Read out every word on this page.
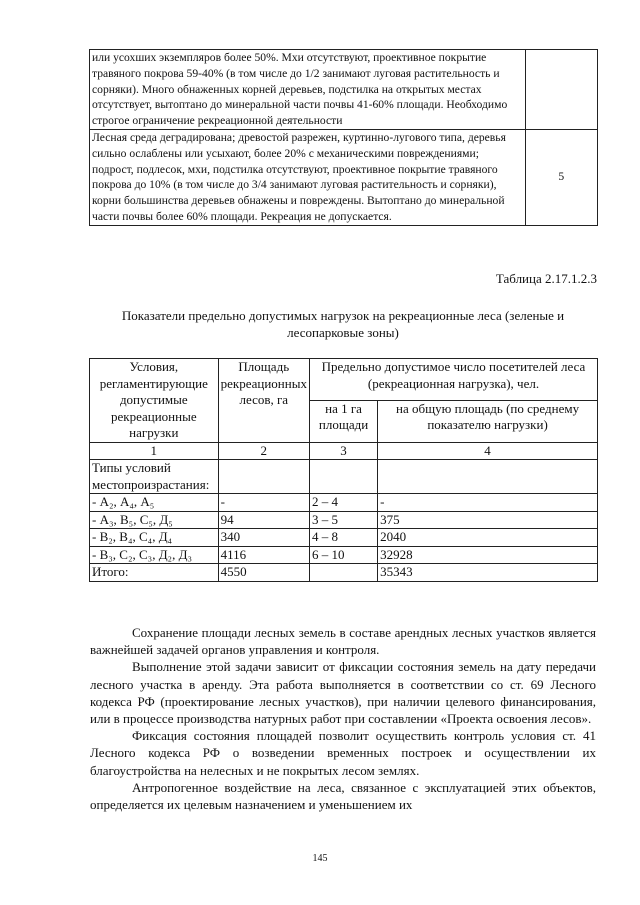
или усохших экземпляров более 50%. Мхи отсутствуют, проективное покрытие травяного покрова 59-40% (в том числе до 1/2 занимают луговая растительность и сорняки). Много обнаженных корней деревьев, подстилка на открытых местах отсутствует, вытоптано до минеральной части почвы 41-60% площади. Необходимо строгое ограничение рекреационной деятельности	
Лесная среда деградирована; древостой разрежен, куртинно-лугового типа, деревья сильно ослаблены или усыхают, более 20% с механическими повреждениями; подрост, подлесок, мхи, подстилка отсутствуют, проективное покрытие травяного покрова до 10% (в том числе до 3/4 занимают луговая растительность и сорняки), корни большинства деревьев обнажены и повреждены. Вытоптано до минеральной части почвы более 60% площади. Рекреация не допускается.	5
Таблица 2.17.1.2.3
Показатели предельно допустимых нагрузок на рекреационные леса (зеленые и лесопарковые зоны)
Условия, регламентирующие допустимые рекреационные нагрузки	Площадь рекреационных лесов, га	Предельно допустимое число посетителей леса (рекреационная нагрузка), чел.	
		на 1 га площади	на общую площадь (по среднему показателю нагрузки)
1	2	3	4
Типы условий местопроизрастания:			
- А₂, А₄, А₅	-	2 – 4	-
- А₃, В₅, С₅, Д₅	94	3 – 5	375
- В₂, В₄, С₄, Д₄	340	4 – 8	2040
- В₃, С₂, С₃, Д₂, Д₃	4116	6 – 10	32928
Итого:	4550		35343

Сохранение площади лесных земель в составе арендных лесных участков является важнейшей задачей органов управления и контроля.

Выполнение этой задачи зависит от фиксации состояния земель на дату передачи лесного участка в аренду. Эта работа выполняется в соответствии со ст. 69 Лесного кодекса РФ (проектирование лесных участков), при наличии целевого финансирования, или в процессе производства натурных работ при составлении «Проекта освоения лесов».

Фиксация состояния площадей позволит осуществить контроль условия ст. 41 Лесного кодекса РФ о возведении временных построек и осуществлении их благоустройства на нелесных и не покрытых лесом землях.

Антропогенное воздействие на леса, связанное с эксплуатацией этих объектов, определяется их целевым назначением и уменьшением их

145
